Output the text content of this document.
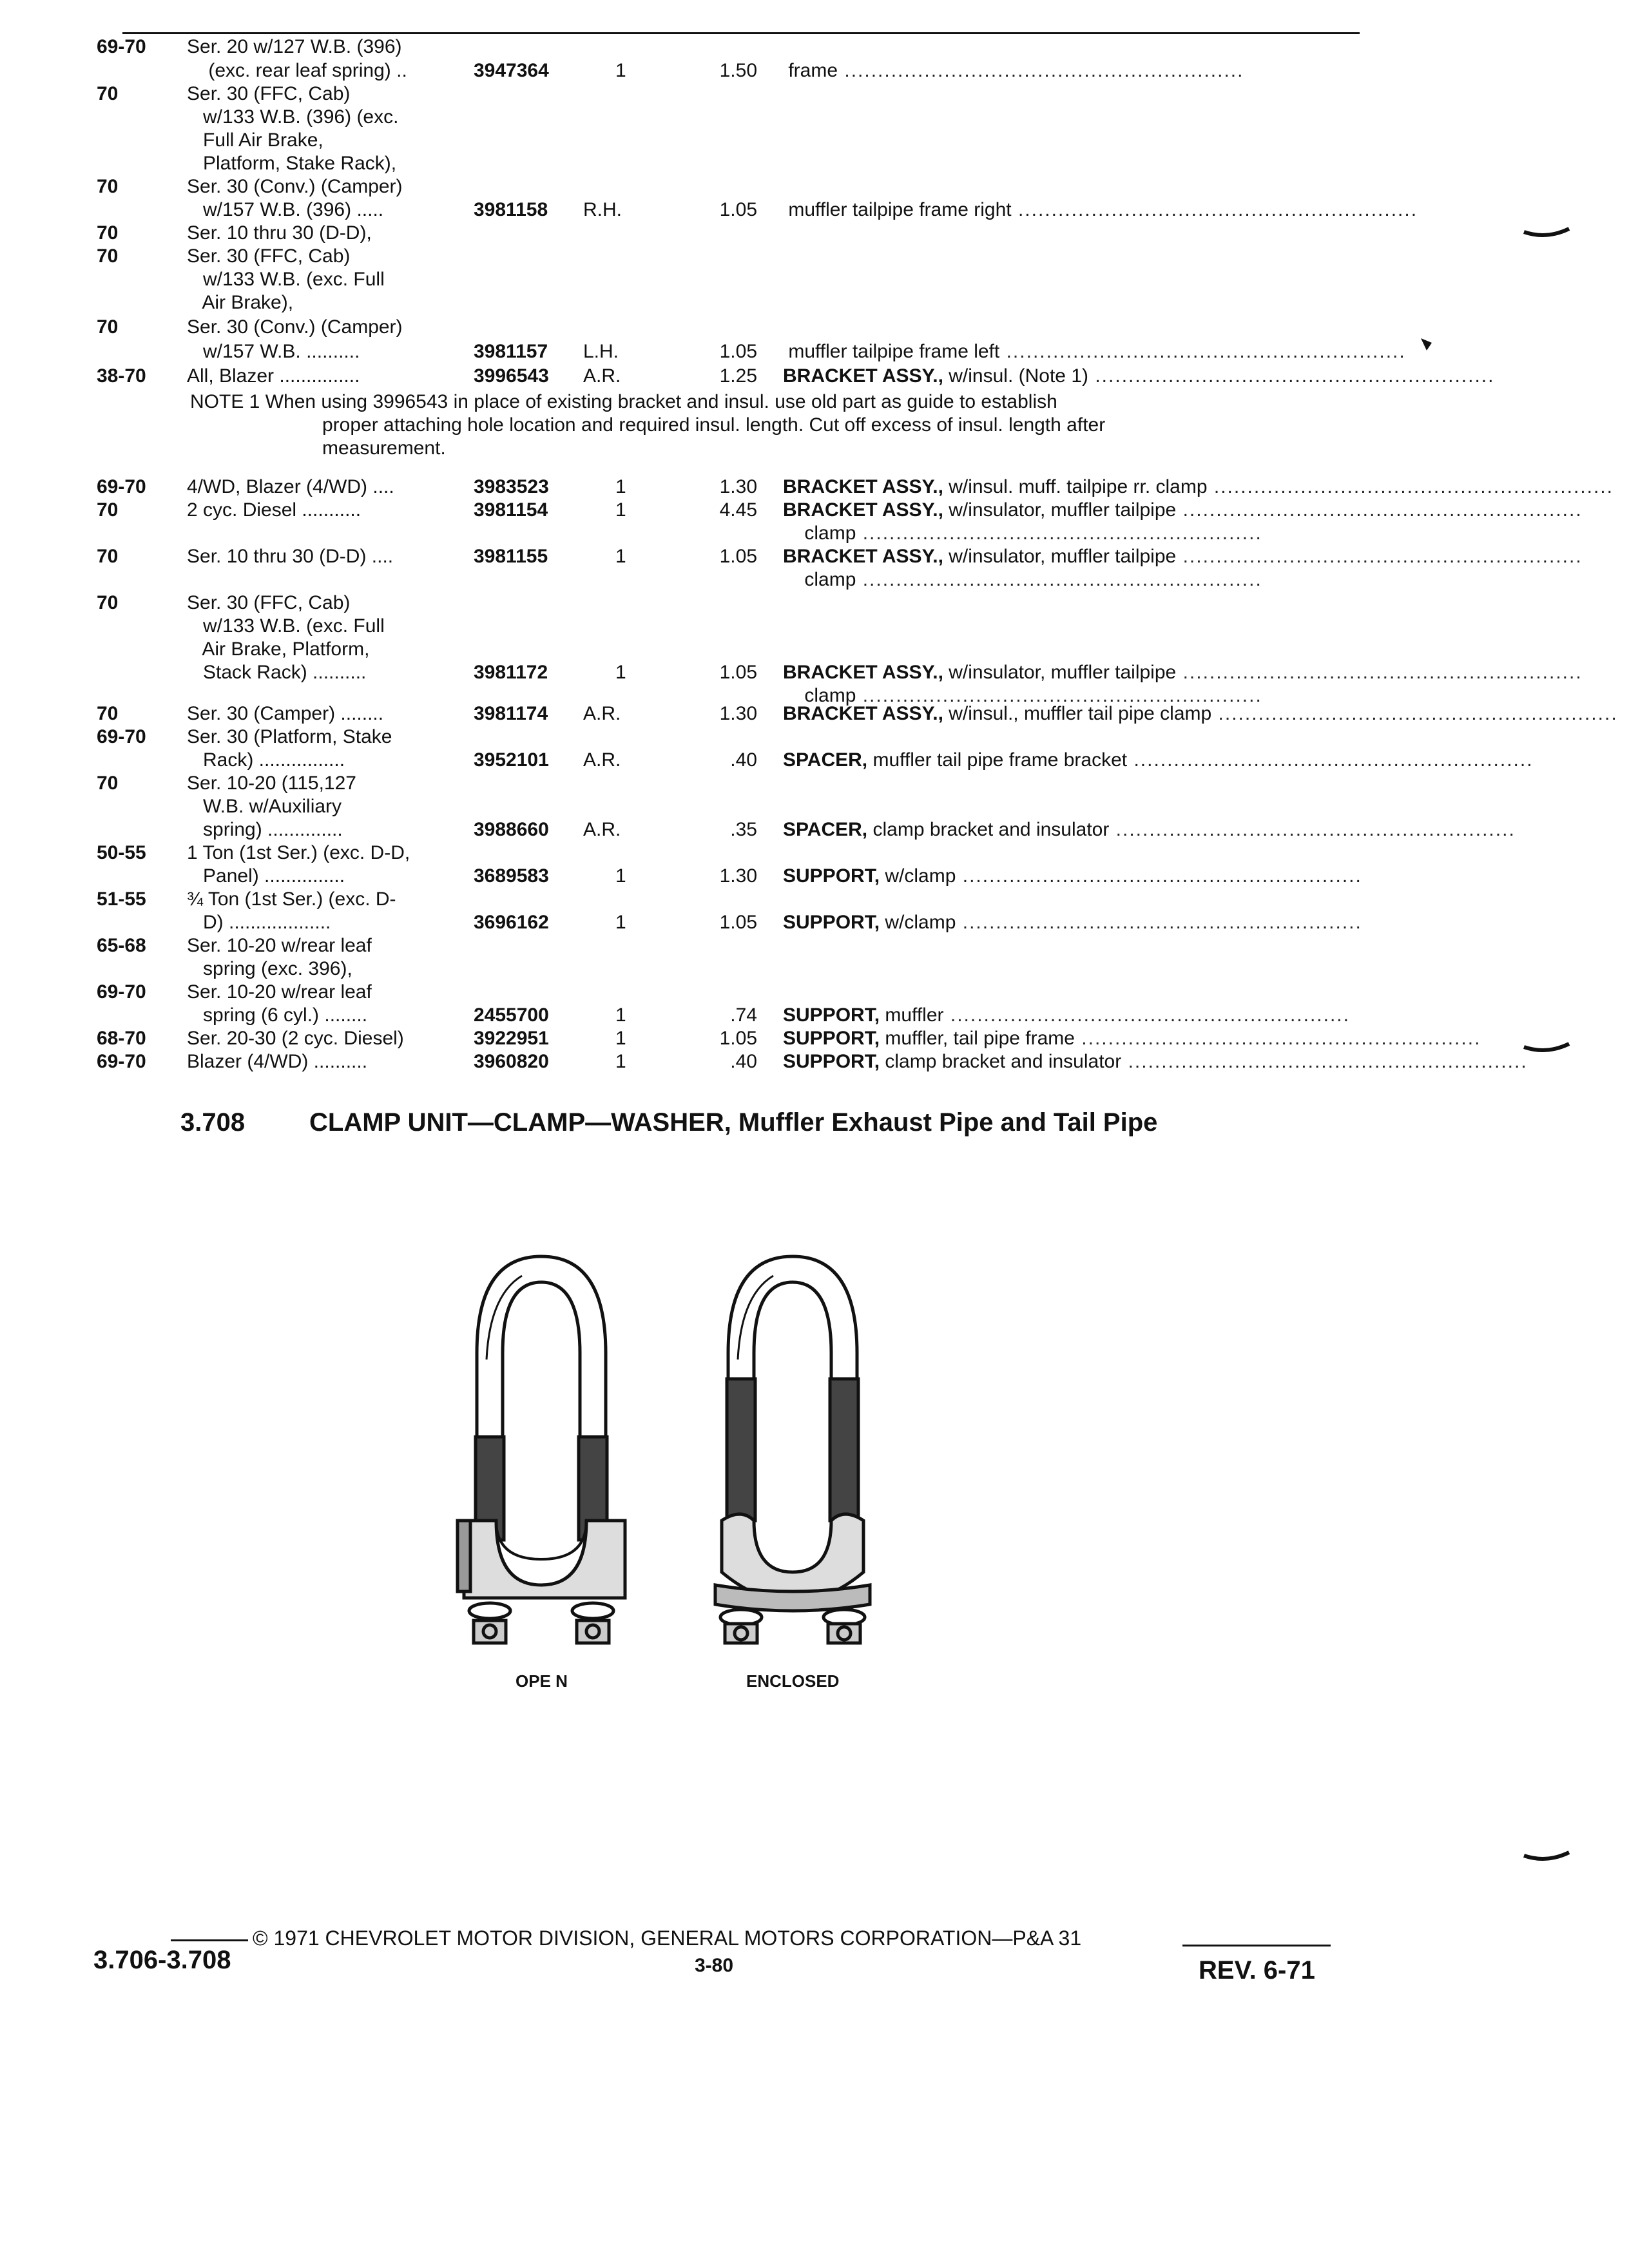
69-70	Ser. 20 w/127 W.B. (396)

(exc. rear leaf spring) ..	3947364	1	1.50 frame ............................................................
70	Ser. 30 (FFC, Cab)

w/133 W.B. (396) (exc.

Full Air Brake,

Platform, Stake Rack),

70	Ser. 30 (Conv.) (Camper)

w/157 W.B. (396) .....	3981158 R.H.	1.05 muffler tailpipe frame right ............................................................
70	Ser. 10 thru 30 (D-D),

70	Ser. 30 (FFC, Cab)

w/133 W.B. (exc. Full

Air Brake),

70	Ser. 30 (Conv.) (Camper)

w/157 W.B. ..........	3981157 L.H.	1.05 muffler tailpipe frame left ............................................................
38-70	All, Blazer ...............	3996543 A.R.	1.25 BRACKET ASSY., w/insul. (Note 1) ............................................................
69-70	4/WD, Blazer (4/WD) ....	3983523	1	1.30 BRACKET ASSY., w/insul. muff. tailpipe rr. clamp ............................................................
70	2 cyc. Diesel ...........	3981154	1	4.45 BRACKET ASSY., w/insulator, muffler tailpipe ............................................................
clamp ............................................................
70	Ser. 10 thru 30 (D-D) ....	3981155	1	1.05 BRACKET ASSY., w/insulator, muffler tailpipe ............................................................
clamp ............................................................
70	Ser. 30 (FFC, Cab)

w/133 W.B. (exc. Full

Air Brake, Platform,

Stack Rack) ..........	3981172	1	1.05 BRACKET ASSY., w/insulator, muffler tailpipe ............................................................
clamp ............................................................
70	Ser. 30 (Camper) ........	3981174 A.R.	1.30 BRACKET ASSY., w/insul., muffler tail pipe clamp ............................................................
69-70	Ser. 30 (Platform, Stake

Rack) ................	3952101 A.R.	.40 SPACER, muffler tail pipe frame bracket ............................................................
70	Ser. 10-20 (115,127

W.B. w/Auxiliary

spring) ..............	3988660 A.R.	.35 SPACER, clamp bracket and insulator ............................................................
50-55	1 Ton (1st Ser.) (exc. D-D,

Panel) ...............	3689583	1	1.30 SUPPORT, w/clamp ............................................................
51-55	¾ Ton (1st Ser.) (exc. D-

D) ...................	3696162	1	1.05 SUPPORT, w/clamp ............................................................
65-68	Ser. 10-20 w/rear leaf

spring (exc. 396),

69-70	Ser. 10-20 w/rear leaf

spring (6 cyl.) ........	2455700	1	.74 SUPPORT, muffler ............................................................
68-70	Ser. 20-30 (2 cyc. Diesel)	3922951	1	1.05 SUPPORT, muffler, tail pipe frame ............................................................
69-70	Blazer (4/WD) ..........	3960820	1	.40 SUPPORT, clamp bracket and insulator ............................................................
NOTE 1 When using 3996543 in place of existing bracket and insul. use old part as guide to establish
proper attaching hole location and required insul. length. Cut off excess of insul. length after
measurement.
3.708 CLAMP UNIT—CLAMP—WASHER, Muffler Exhaust Pipe and Tail Pipe
OPE N	ENCLOSED
© 1971 CHEVROLET MOTOR DIVISION, GENERAL MOTORS CORPORATION—P&A 31
3.706-3.708	3-80	REV. 6-71
